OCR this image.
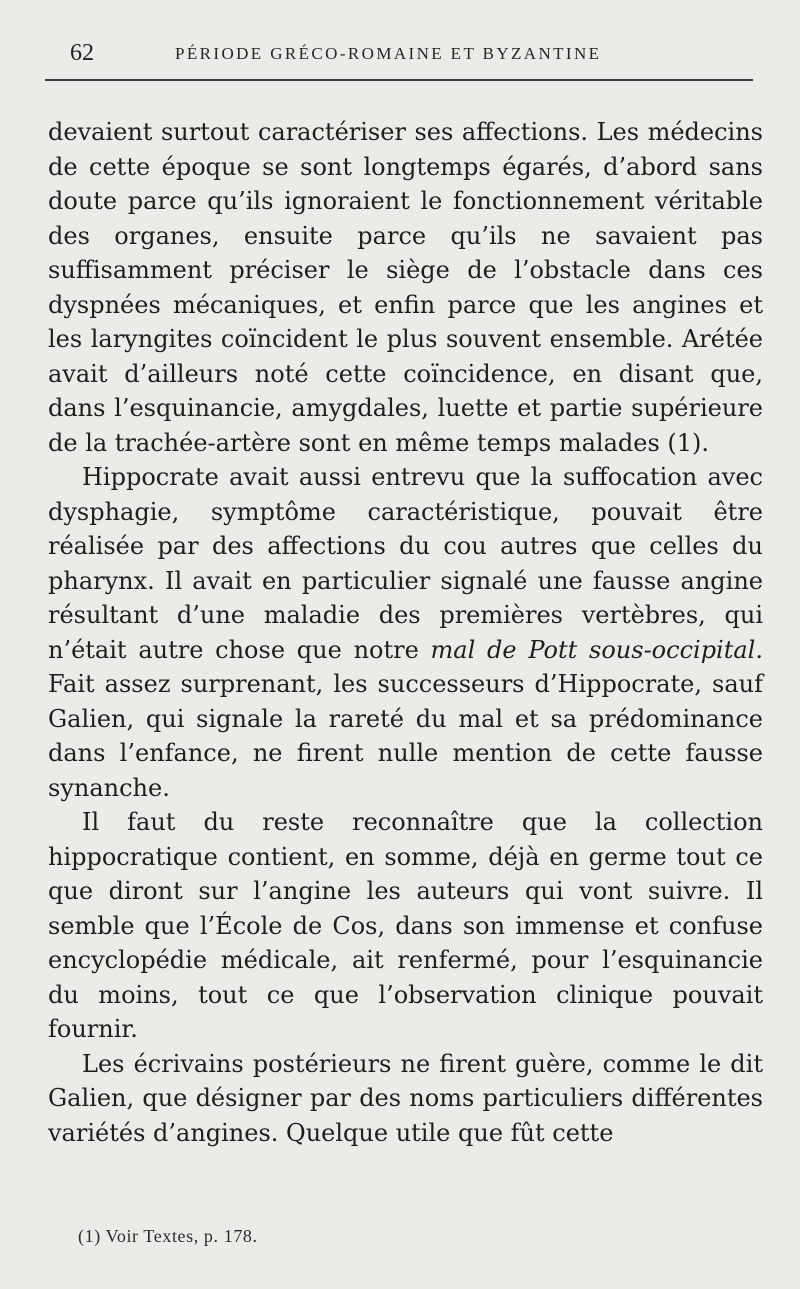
62	PÉRIODE GRÉCO-ROMAINE ET BYZANTINE

devaient surtout caractériser ses affections. Les médecins de cette époque se sont longtemps égarés, d’abord sans doute parce qu’ils ignoraient le fonctionnement véritable des organes, ensuite parce qu’ils ne savaient pas suffisamment préciser le siège de l’obstacle dans ces dyspnées mécaniques, et enfin parce que les angines et les laryngites coïncident le plus souvent ensemble. Arétée avait d’ailleurs noté cette coïncidence, en disant que, dans l’esquinancie, amygdales, luette et partie supérieure de la trachée-artère sont en même temps malades (1).

Hippocrate avait aussi entrevu que la suffocation avec dysphagie, symptôme caractéristique, pouvait être réalisée par des affections du cou autres que celles du pharynx. Il avait en particulier signalé une fausse angine résultant d’une maladie des premières vertèbres, qui n’était autre chose que notre mal de Pott sous-occipital. Fait assez surprenant, les successeurs d’Hippocrate, sauf Galien, qui signale la rareté du mal et sa prédominance dans l’enfance, ne firent nulle mention de cette fausse synanche.

Il faut du reste reconnaître que la collection hippocratique contient, en somme, déjà en germe tout ce que diront sur l’angine les auteurs qui vont suivre. Il semble que l’École de Cos, dans son immense et confuse encyclopédie médicale, ait renfermé, pour l’esquinancie du moins, tout ce que l’observation clinique pouvait fournir.

Les écrivains postérieurs ne firent guère, comme le dit Galien, que désigner par des noms particuliers différentes variétés d’angines. Quelque utile que fût cette

(1) Voir Textes, p. 178.
